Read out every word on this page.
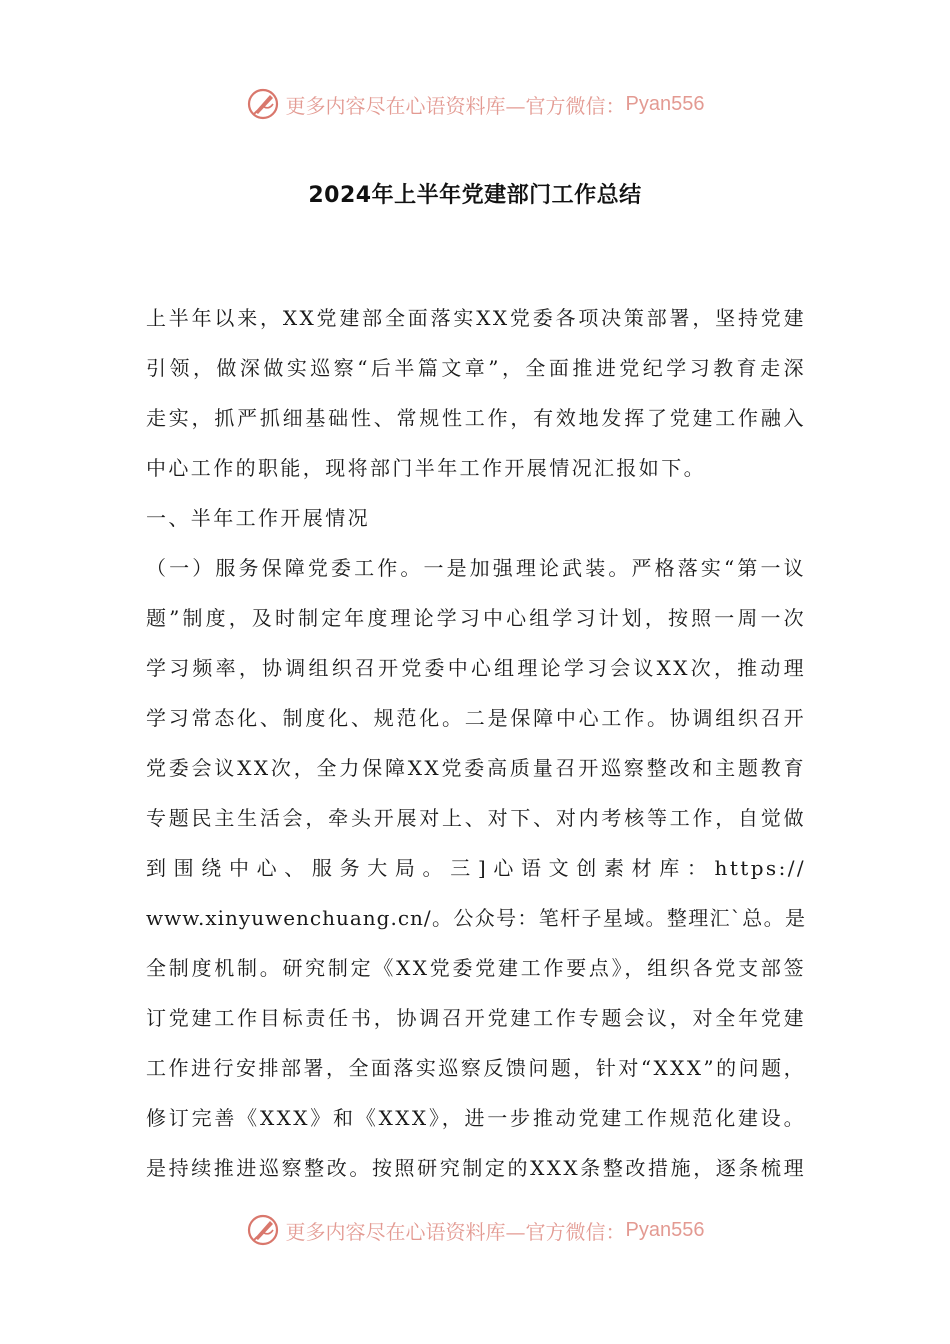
更多内容尽在心语资料库—官方微信： Pyan556
2024年上半年党建部门工作总结
上半年以来，XX党建部全面落实XX党委各项决策部署，坚持党建
引领，做深做实巡察“后半篇文章”，全面推进党纪学习教育走深
走实，抓严抓细基础性、常规性工作，有效地发挥了党建工作融入
中心工作的职能，现将部门半年工作开展情况汇报如下。
一、半年工作开展情况
（一）服务保障党委工作。一是加强理论武装。严格落实“第一议
题”制度，及时制定年度理论学习中心组学习计划，按照一周一次
学习频率，协调组织召开党委中心组理论学习会议XX次，推动理
学习常态化、制度化、规范化。二是保障中心工作。协调组织召开
党委会议XX次，全力保障XX党委高质量召开巡察整改和主题教育
专题民主生活会，牵头开展对上、对下、对内考核等工作，自觉做
到围绕中心、服务大局。三]心语文创素材库：https://
www.xinyuwenchuang.cn/。公众号：笔杆子星域。整理汇`总。是
全制度机制。研究制定《XX党委党建工作要点》，组织各党支部签
订党建工作目标责任书，协调召开党建工作专题会议，对全年党建
工作进行安排部署，全面落实巡察反馈问题，针对“XXX”的问题，
修订完善《XXX》和《XXX》，进一步推动党建工作规范化建设。
是持续推进巡察整改。按照研究制定的XXX条整改措施，逐条梳理
更多内容尽在心语资料库—官方微信： Pyan556
